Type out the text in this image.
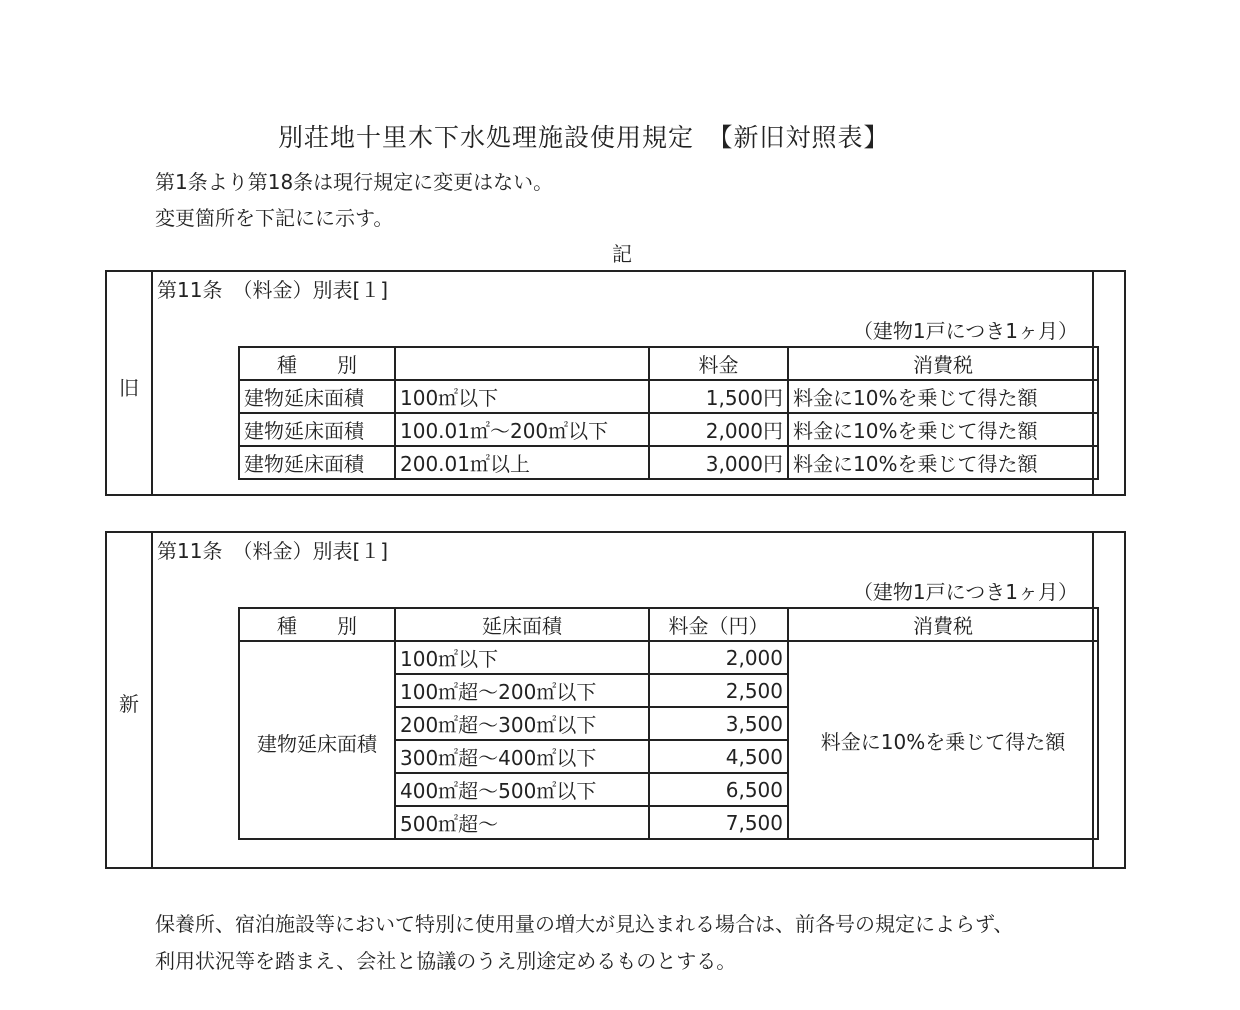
別荘地十里木下水処理施設使用規定　【新旧対照表】
第1条より第18条は現行規定に変更はない。
変更箇所を下記にに示す。
記
旧
第11条　（料金）別表[１]
（建物1戸につき1ヶ月）
種　　別		料金	消費税
建物延床面積	100㎡以下	1,500円	料金に10%を乗じて得た額
建物延床面積	100.01㎡～200㎡以下	2,000円	料金に10%を乗じて得た額
建物延床面積	200.01㎡以上	3,000円	料金に10%を乗じて得た額
新
第11条　（料金）別表[１]
（建物1戸につき1ヶ月）
種　　別	延床面積	料金（円）	消費税
建物延床面積	100㎡以下	2,000	料金に10%を乗じて得た額
	100㎡超～200㎡以下	2,500	
	200㎡超～300㎡以下	3,500	
	300㎡超～400㎡以下	4,500	
	400㎡超～500㎡以下	6,500	
	500㎡超～	7,500	
保養所、宿泊施設等において特別に使用量の増大が見込まれる場合は、前各号の規定によらず、
利用状況等を踏まえ、会社と協議のうえ別途定めるものとする。
